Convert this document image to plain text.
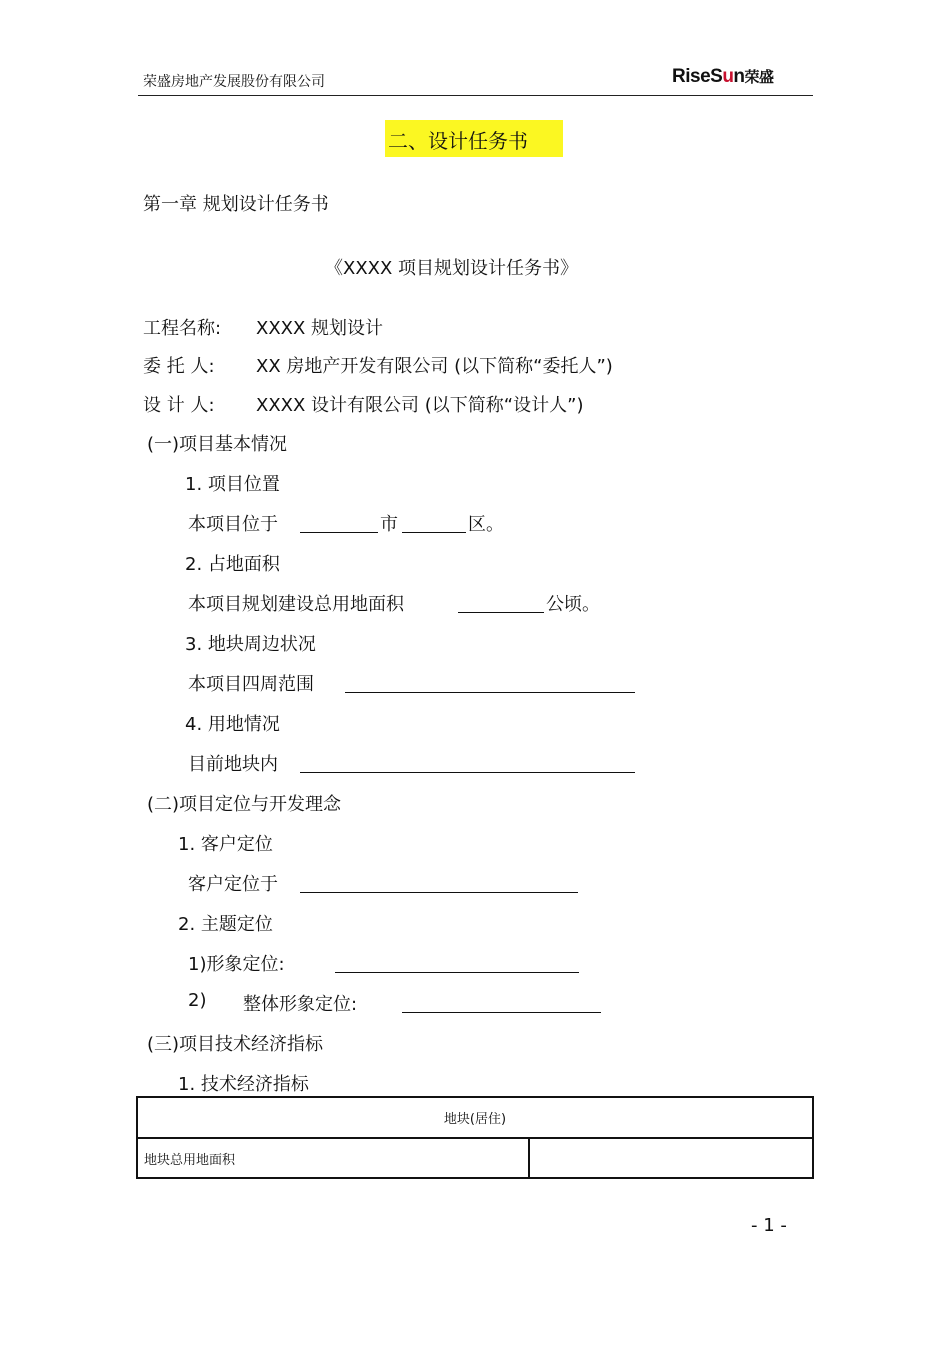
荣盛房地产发展股份有限公司	RiseSun荣盛
二、设计任务书
第一章 规划设计任务书
《XXXX 项目规划设计任务书》
工程名称: XXXX 规划设计
委 托 人: XX 房地产开发有限公司 (以下简称“委托人”)
设 计 人: XXXX 设计有限公司 (以下简称“设计人”)
(一)项目基本情况
1. 项目位置
本项目位于	市	区。
2. 占地面积
本项目规划建设总用地面积	公顷。
3. 地块周边状况
本项目四周范围
4. 用地情况
目前地块内
(二)项目定位与开发理念
1. 客户定位
客户定位于
2. 主题定位
1)形象定位:
2) 整体形象定位:
(三)项目技术经济指标
1. 技术经济指标
地块(居住)
地块总用地面积	
- 1 -
